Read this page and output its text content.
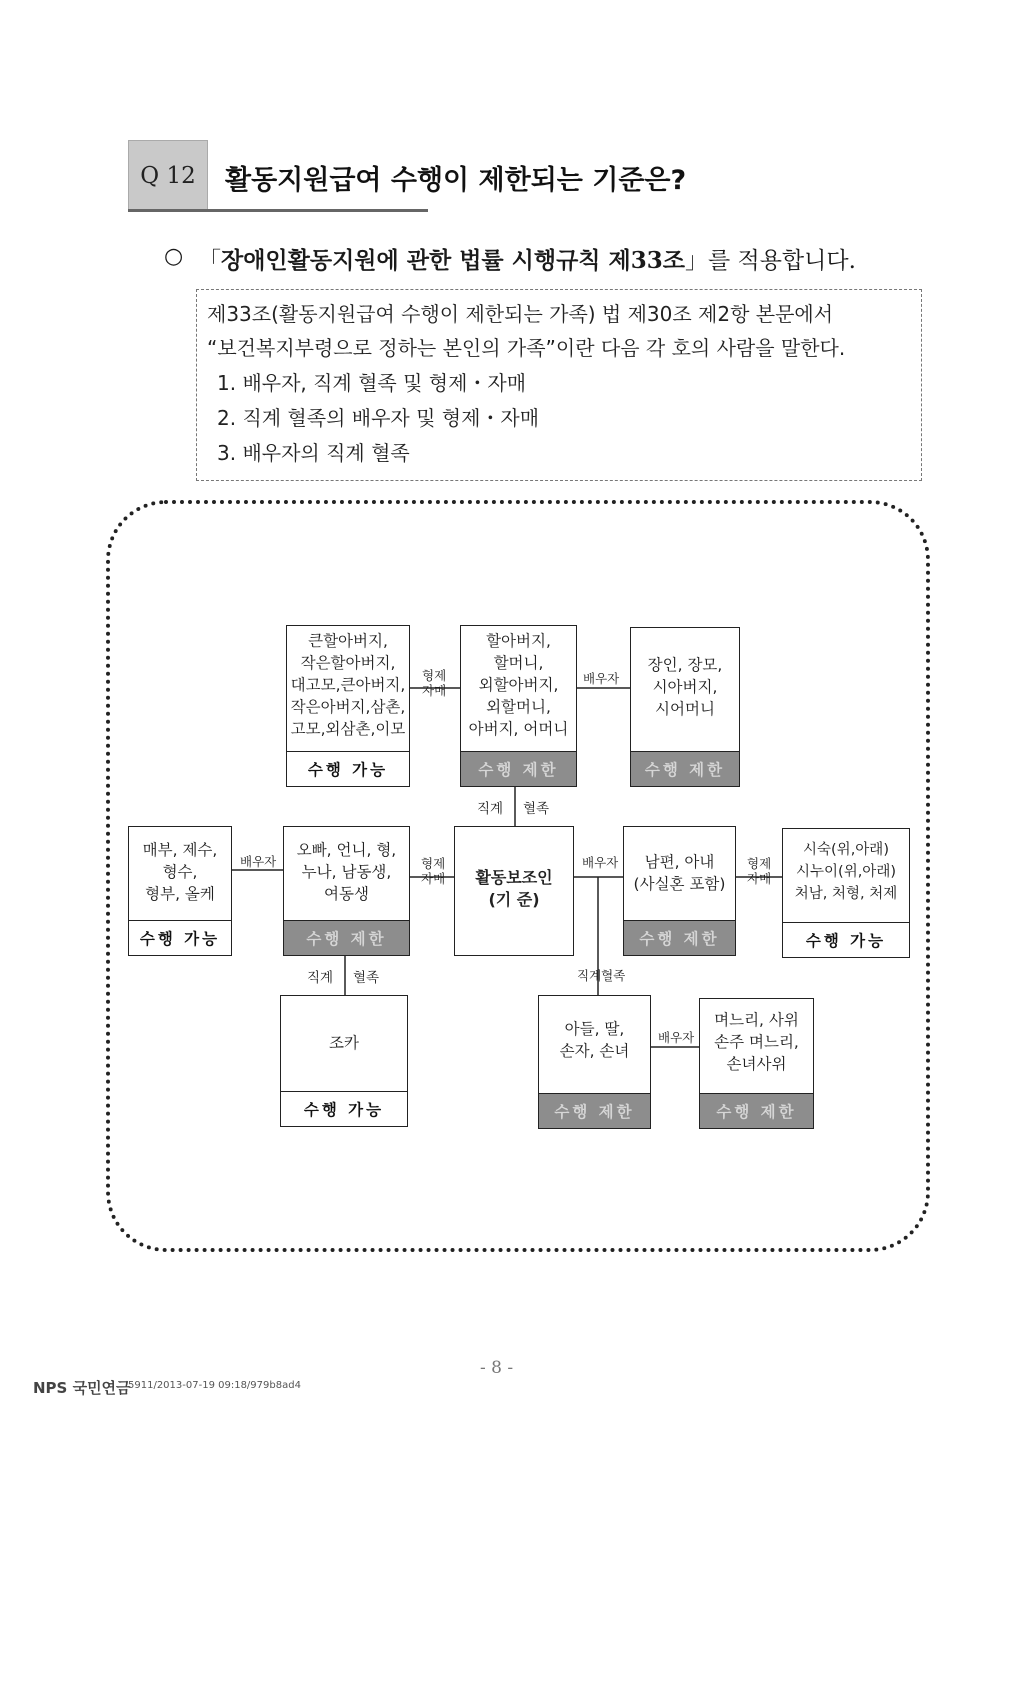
Q 12	활동지원급여 수행이 제한되는 기준은?
○ 「장애인활동지원에 관한 법률 시행규칙 제33조」를 적용합니다.
제33조(활동지원급여 수행이 제한되는 가족) 법 제30조 제2항 본문에서
“보건복지부령으로 정하는 본인의 가족”이란 다음 각 호의 사람을 말한다.
1. 배우자, 직계 혈족 및 형제・자매
2. 직계 혈족의 배우자 및 형제・자매
3. 배우자의 직계 혈족
큰할아버지,
작은할아버지,
대고모,큰아버지,
작은아버지,삼촌,
고모,외삼촌,이모
수행 가능
할아버지,
할머니,
외할아버지,
외할머니,
아버지, 어머니
수행 제한
장인, 장모,
시아버지,
시어머니
수행 제한
매부, 제수,
형수,
형부, 올케
수행 가능
오빠, 언니, 형,
누나, 남동생,
여동생
수행 제한
활동보조인
(기 준)
남편, 아내
(사실혼 포함)
수행 제한
시숙(위,아래)
시누이(위,아래)
처남, 처형, 처제
수행 가능
조카
수행 가능
아들, 딸,
손자, 손녀
수행 제한
며느리, 사위
손주 며느리,
손녀사위
수행 제한
형제
자매
배우자
직계 혈족
배우자	형제
자매
배우자	형제
자매
직계 혈족	직계혈족
배우자
- 8 -
NPS 국민연금
5911/2013-07-19 09:18/979b8ad4
